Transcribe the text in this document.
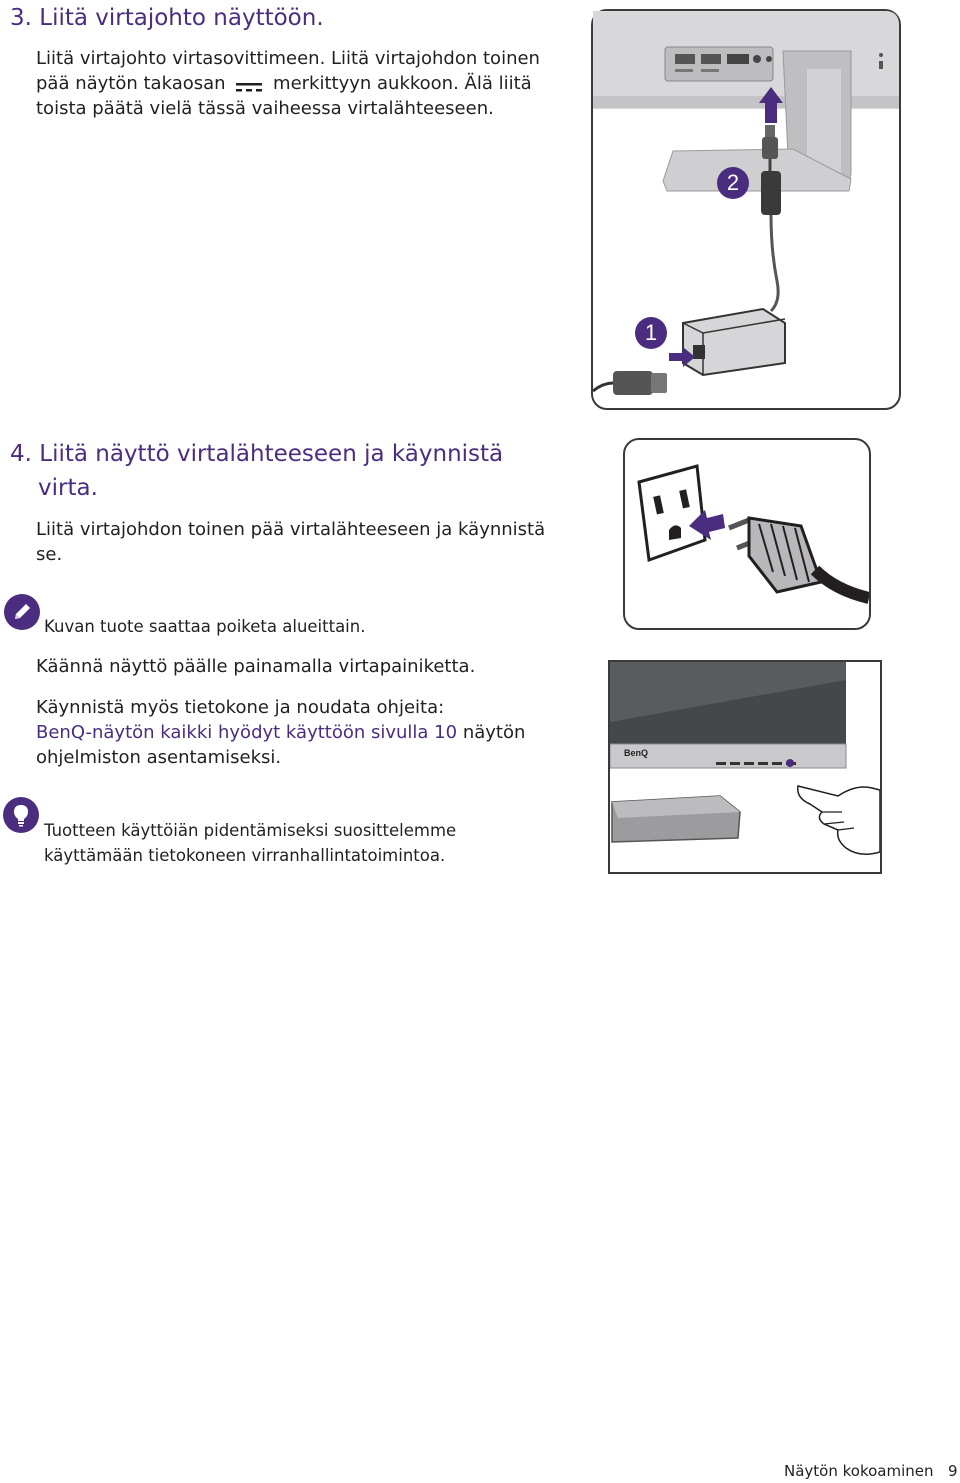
3. Liitä virtajohto näyttöön.
Liitä virtajohto virtasovittimeen. Liitä virtajohdon toinen
pää näytön takaosan	merkittyyn aukkoon. Älä liitä
toista päätä vielä tässä vaiheessa virtalähteeseen.
2
1
4. Liitä näyttö virtalähteeseen ja käynnistä
virta.
Liitä virtajohdon toinen pää virtalähteeseen ja käynnistä
se.
Kuvan tuote saattaa poiketa alueittain.
Käännä näyttö päälle painamalla virtapainiketta.
Käynnistä myös tietokone ja noudata ohjeita:
BenQ-näytön kaikki hyödyt käyttöön sivulla 10 näytön
ohjelmiston asentamiseksi.	BenQ
Tuotteen käyttöiän pidentämiseksi suosittelemme
käyttämään tietokoneen virranhallintatoimintoa.
Näytön kokoaminen 9
